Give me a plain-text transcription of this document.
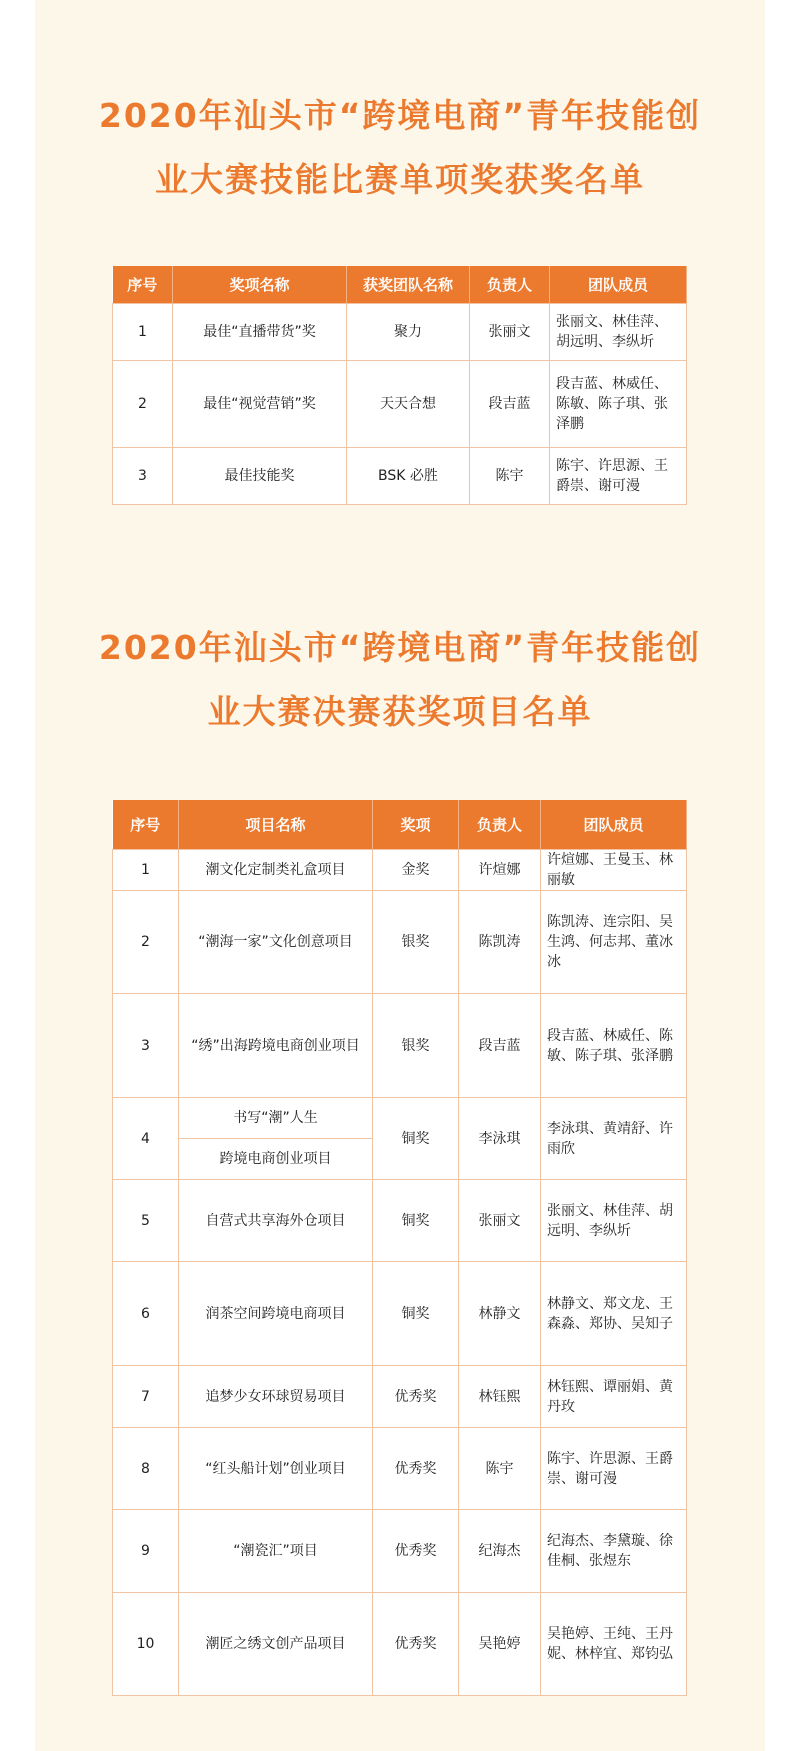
2020年汕头市“跨境电商”青年技能创
业大赛技能比赛单项奖获奖名单
2020年汕头市“跨境电商”青年技能创
业大赛决赛获奖项目名单
序号	奖项名称	获奖团队名称	负责人	团队成员
1	最佳“直播带货”奖	聚力	张丽文	张丽文、林佳萍、胡远明、李纵圻
2	最佳“视觉营销”奖	天天合想	段吉蓝	段吉蓝、林威任、陈敏、陈子琪、张泽鹏
3	最佳技能奖	BSK 必胜	陈宇	陈宇、许思源、王爵崇、谢可漫
序号	项目名称	奖项	负责人	团队成员
1	潮文化定制类礼盒项目	金奖	许煊娜	许煊娜、王曼玉、林丽敏
2	“潮海一家”文化创意项目	银奖	陈凯涛	陈凯涛、连宗阳、吴生鸿、何志邦、董冰冰
3	“绣”出海跨境电商创业项目	银奖	段吉蓝	段吉蓝、林威任、陈敏、陈子琪、张泽鹏
4	书写“潮”人生	铜奖	李泳琪	李泳琪、黄靖舒、许雨欣
	跨境电商创业项目			
5	自营式共享海外仓项目	铜奖	张丽文	张丽文、林佳萍、胡远明、李纵圻
6	润茶空间跨境电商项目	铜奖	林静文	林静文、郑文龙、王森淼、郑协、吴知子
7	追梦少女环球贸易项目	优秀奖	林钰熙	林钰熙、谭丽娟、黄丹玫
8	“红头船计划”创业项目	优秀奖	陈宇	陈宇、许思源、王爵崇、谢可漫
9	“潮瓷汇”项目	优秀奖	纪海杰	纪海杰、李黛璇、徐佳桐、张煜东
10	潮匠之绣文创产品项目	优秀奖	吴艳婷	吴艳婷、王纯、王丹妮、林梓宜、郑钧弘
